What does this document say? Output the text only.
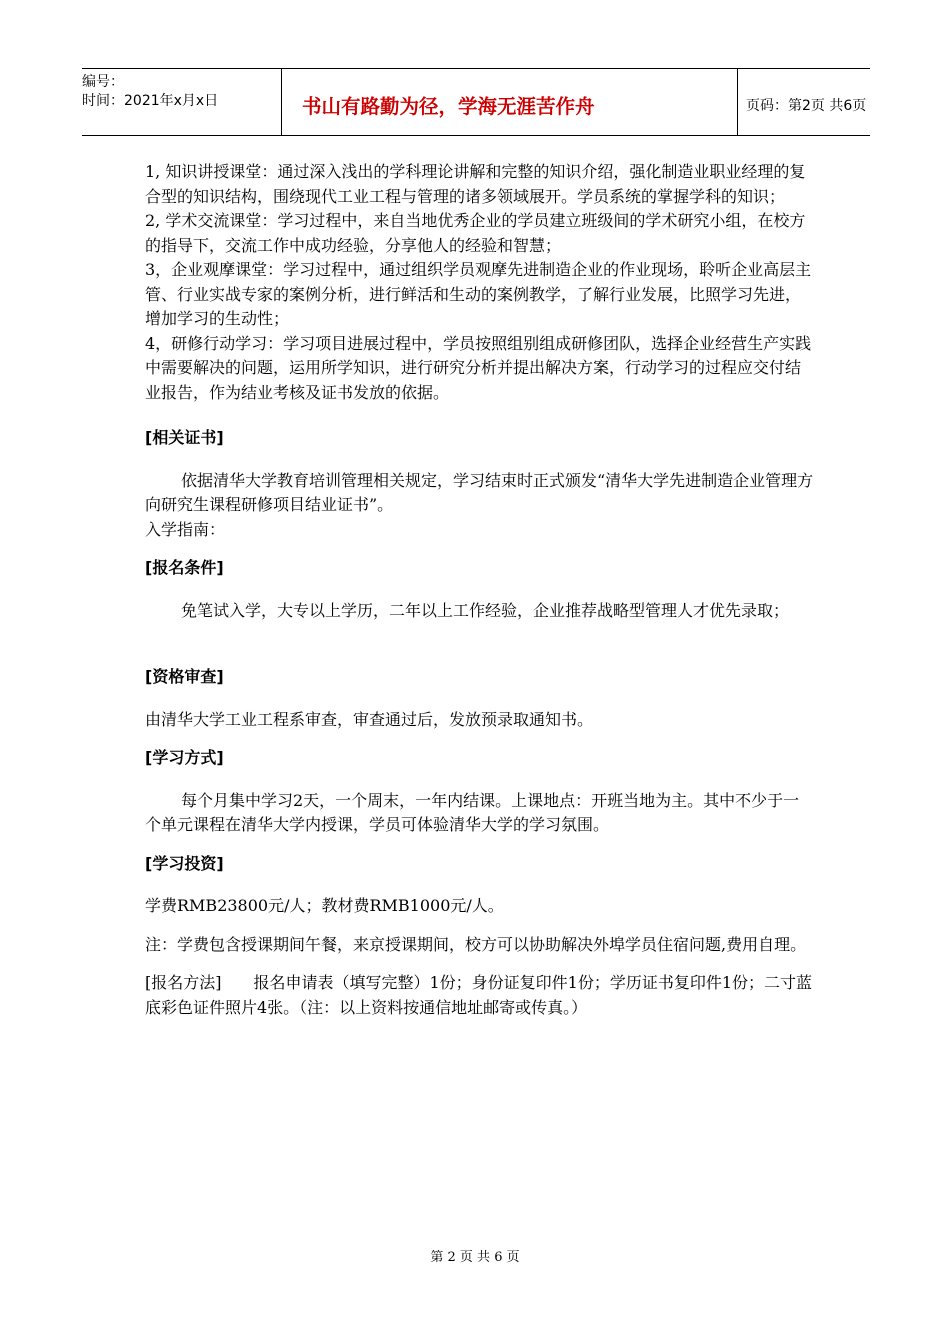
编号：
时间：2021年x月x日	书山有路勤为径，学海无涯苦作舟	页码：第2页 共6页

1, 知识讲授课堂：通过深入浅出的学科理论讲解和完整的知识介绍，强化制造业职业经理的复合型的知识结构，围绕现代工业工程与管理的诸多领域展开。学员系统的掌握学科的知识；

2, 学术交流课堂：学习过程中，来自当地优秀企业的学员建立班级间的学术研究小组，在校方的指导下，交流工作中成功经验，分享他人的经验和智慧；

3，企业观摩课堂：学习过程中，通过组织学员观摩先进制造企业的作业现场，聆听企业高层主管、行业实战专家的案例分析，进行鲜活和生动的案例教学，了解行业发展，比照学习先进，增加学习的生动性；

4，研修行动学习：学习项目进展过程中，学员按照组别组成研修团队，选择企业经营生产实践中需要解决的问题，运用所学知识，进行研究分析并提出解决方案，行动学习的过程应交付结业报告，作为结业考核及证书发放的依据。

[相关证书]

依据清华大学教育培训管理相关规定，学习结束时正式颁发“清华大学先进制造企业管理方向研究生课程研修项目结业证书”。

入学指南：

[报名条件]

免笔试入学，大专以上学历，二年以上工作经验，企业推荐战略型管理人才优先录取；

[资格审查]

由清华大学工业工程系审查，审查通过后，发放预录取通知书。

[学习方式]

每个月集中学习2天，一个周末，一年内结课。上课地点：开班当地为主。其中不少于一个单元课程在清华大学内授课，学员可体验清华大学的学习氛围。

[学习投资]

学费RMB23800元/人；教材费RMB1000元/人。

注：学费包含授课期间午餐，来京授课期间，校方可以协助解决外埠学员住宿问题,费用自理。

[报名方法]　　报名申请表（填写完整）1份；身份证复印件1份；学历证书复印件1份；二寸蓝底彩色证件照片4张。（注：以上资料按通信地址邮寄或传真。）

第 2 页 共 6 页
